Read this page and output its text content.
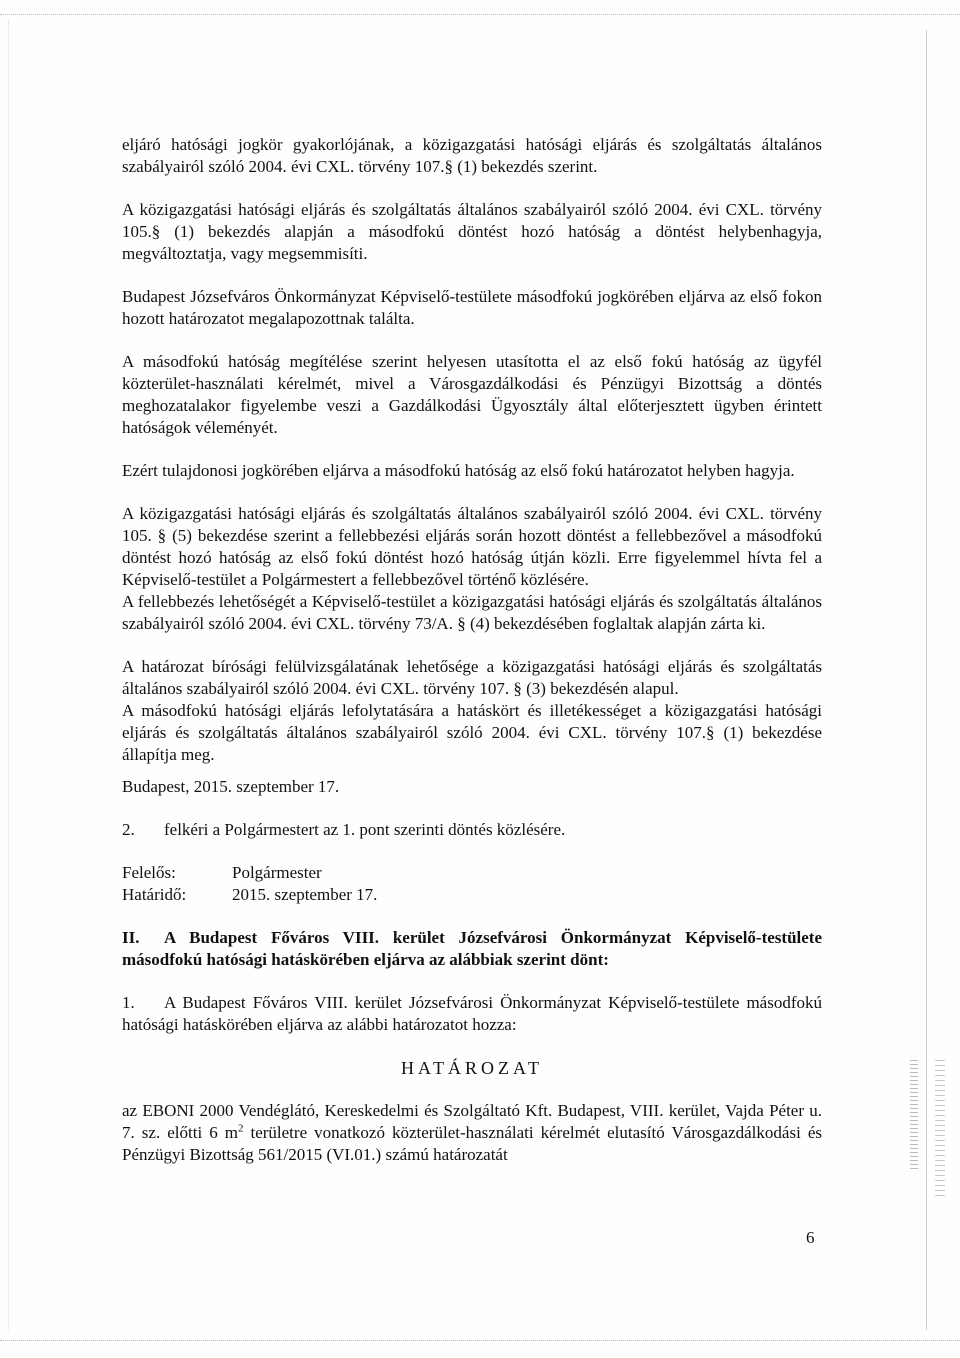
eljáró hatósági jogkör gyakorlójának, a közigazgatási hatósági eljárás és szolgáltatás általános szabályairól szóló 2004. évi CXL. törvény 107.§ (1) bekezdés szerint.

A közigazgatási hatósági eljárás és szolgáltatás általános szabályairól szóló 2004. évi CXL. törvény 105.§ (1) bekezdés alapján a másodfokú döntést hozó hatóság a döntést helybenhagyja, megváltoztatja, vagy megsemmisíti.

Budapest Józsefváros Önkormányzat Képviselő-testülete másodfokú jogkörében eljárva az első fokon hozott határozatot megalapozottnak találta.

A másodfokú hatóság megítélése szerint helyesen utasította el az első fokú hatóság az ügyfél közterület-használati kérelmét, mivel a Városgazdálkodási és Pénzügyi Bizottság a döntés meghozatalakor figyelembe veszi a Gazdálkodási Ügyosztály által előterjesztett ügyben érintett hatóságok véleményét.

Ezért tulajdonosi jogkörében eljárva a másodfokú hatóság az első fokú határozatot helyben hagyja.

A közigazgatási hatósági eljárás és szolgáltatás általános szabályairól szóló 2004. évi CXL. törvény 105. § (5) bekezdése szerint a fellebbezési eljárás során hozott döntést a fellebbezővel a másodfokú döntést hozó hatóság az első fokú döntést hozó hatóság útján közli. Erre figyelemmel hívta fel a Képviselő-testület a Polgármestert a fellebbezővel történő közlésére.

A fellebbezés lehetőségét a Képviselő-testület a közigazgatási hatósági eljárás és szolgáltatás általános szabályairól szóló 2004. évi CXL. törvény 73/A. § (4) bekezdésében foglaltak alapján zárta ki.

A határozat bírósági felülvizsgálatának lehetősége a közigazgatási hatósági eljárás és szolgáltatás általános szabályairól szóló 2004. évi CXL. törvény 107. § (3) bekezdésén alapul.

A másodfokú hatósági eljárás lefolytatására a hatáskört és illetékességet a közigazgatási hatósági eljárás és szolgáltatás általános szabályairól szóló 2004. évi CXL. törvény 107.§ (1) bekezdése állapítja meg.

Budapest, 2015. szeptember 17.

2. felkéri a Polgármestert az 1. pont szerinti döntés közlésére.

Felelős:	Polgármester
Határidő:	2015. szeptember 17.

II. A Budapest Főváros VIII. kerület Józsefvárosi Önkormányzat Képviselő-testülete másodfokú hatósági hatáskörében eljárva az alábbiak szerint dönt:

1. A Budapest Főváros VIII. kerület Józsefvárosi Önkormányzat Képviselő-testülete másodfokú hatósági hatáskörében eljárva az alábbi határozatot hozza:

HATÁROZAT

az EBONI 2000 Vendéglátó, Kereskedelmi és Szolgáltató Kft. Budapest, VIII. kerület, Vajda Péter u. 7. sz. előtti 6 $m^2$ területre vonatkozó közterület-használati kérelmét elutasító Városgazdálkodási és Pénzügyi Bizottság 561/2015 (VI.01.) számú határozatát

6
